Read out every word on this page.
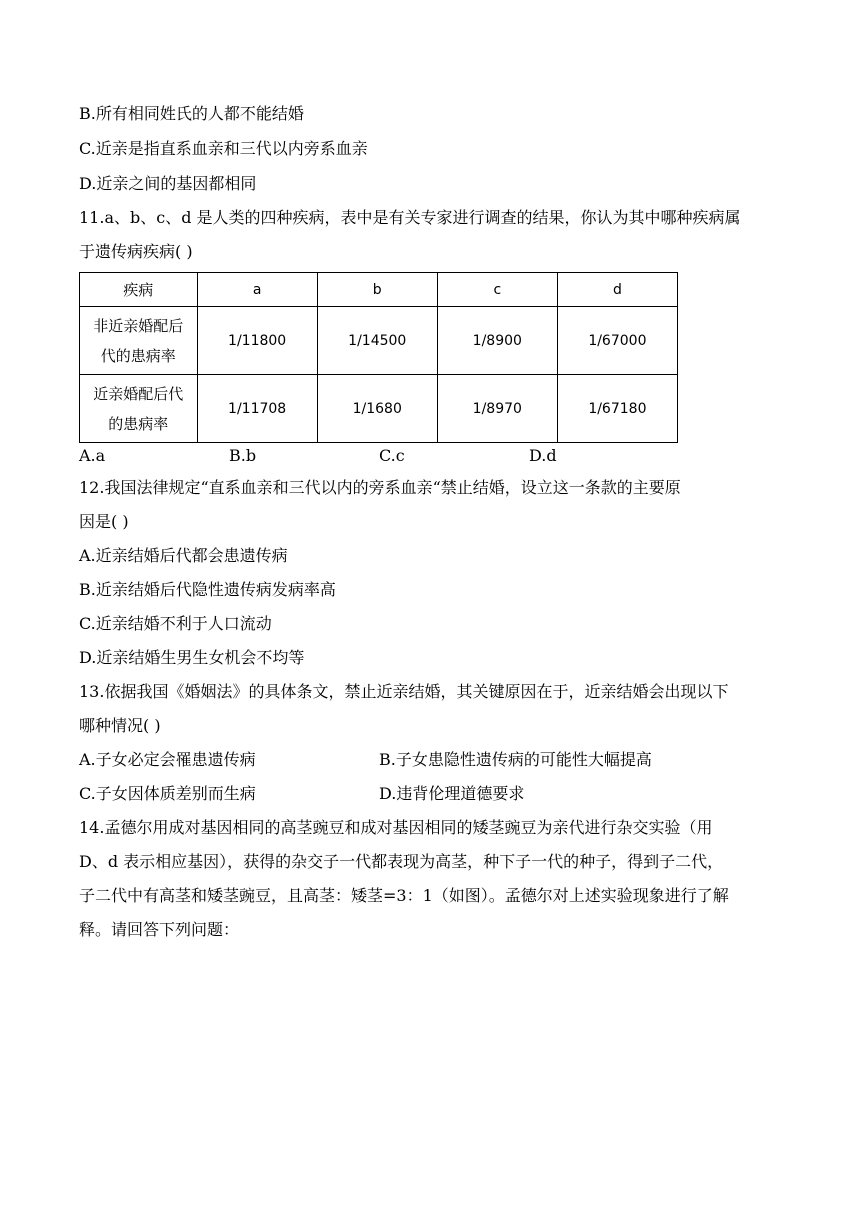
B.所有相同姓氏的人都不能结婚
C.近亲是指直系血亲和三代以内旁系血亲
D.近亲之间的基因都相同
11.a、b、c、d 是人类的四种疾病，表中是有关专家进行调查的结果，你认为其中哪种疾病属
于遗传病疾病( )
疾病	a	b	c	d

非近亲婚配后
代的患病率	1/11800	1/14500	1/8900	1/67000

近亲婚配后代
的患病率	1/11708	1/1680	1/8970	1/67180
A.a	B.b	C.c	D.d
12.我国法律规定“直系血亲和三代以内的旁系血亲“禁止结婚，设立这一条款的主要原
因是( )
A.近亲结婚后代都会患遗传病
B.近亲结婚后代隐性遗传病发病率高
C.近亲结婚不利于人口流动
D.近亲结婚生男生女机会不均等
13.依据我国《婚姻法》的具体条文，禁止近亲结婚，其关键原因在于，近亲结婚会出现以下
哪种情况( )
A.子女必定会罹患遗传病	B.子女患隐性遗传病的可能性大幅提高
C.子女因体质差别而生病	D.违背伦理道德要求
14.孟德尔用成对基因相同的高茎豌豆和成对基因相同的矮茎豌豆为亲代进行杂交实验（用
D、d 表示相应基因），获得的杂交子一代都表现为高茎，种下子一代的种子，得到子二代，
子二代中有高茎和矮茎豌豆，且高茎：矮茎=3：1（如图）。孟德尔对上述实验现象进行了解
释。请回答下列问题：
